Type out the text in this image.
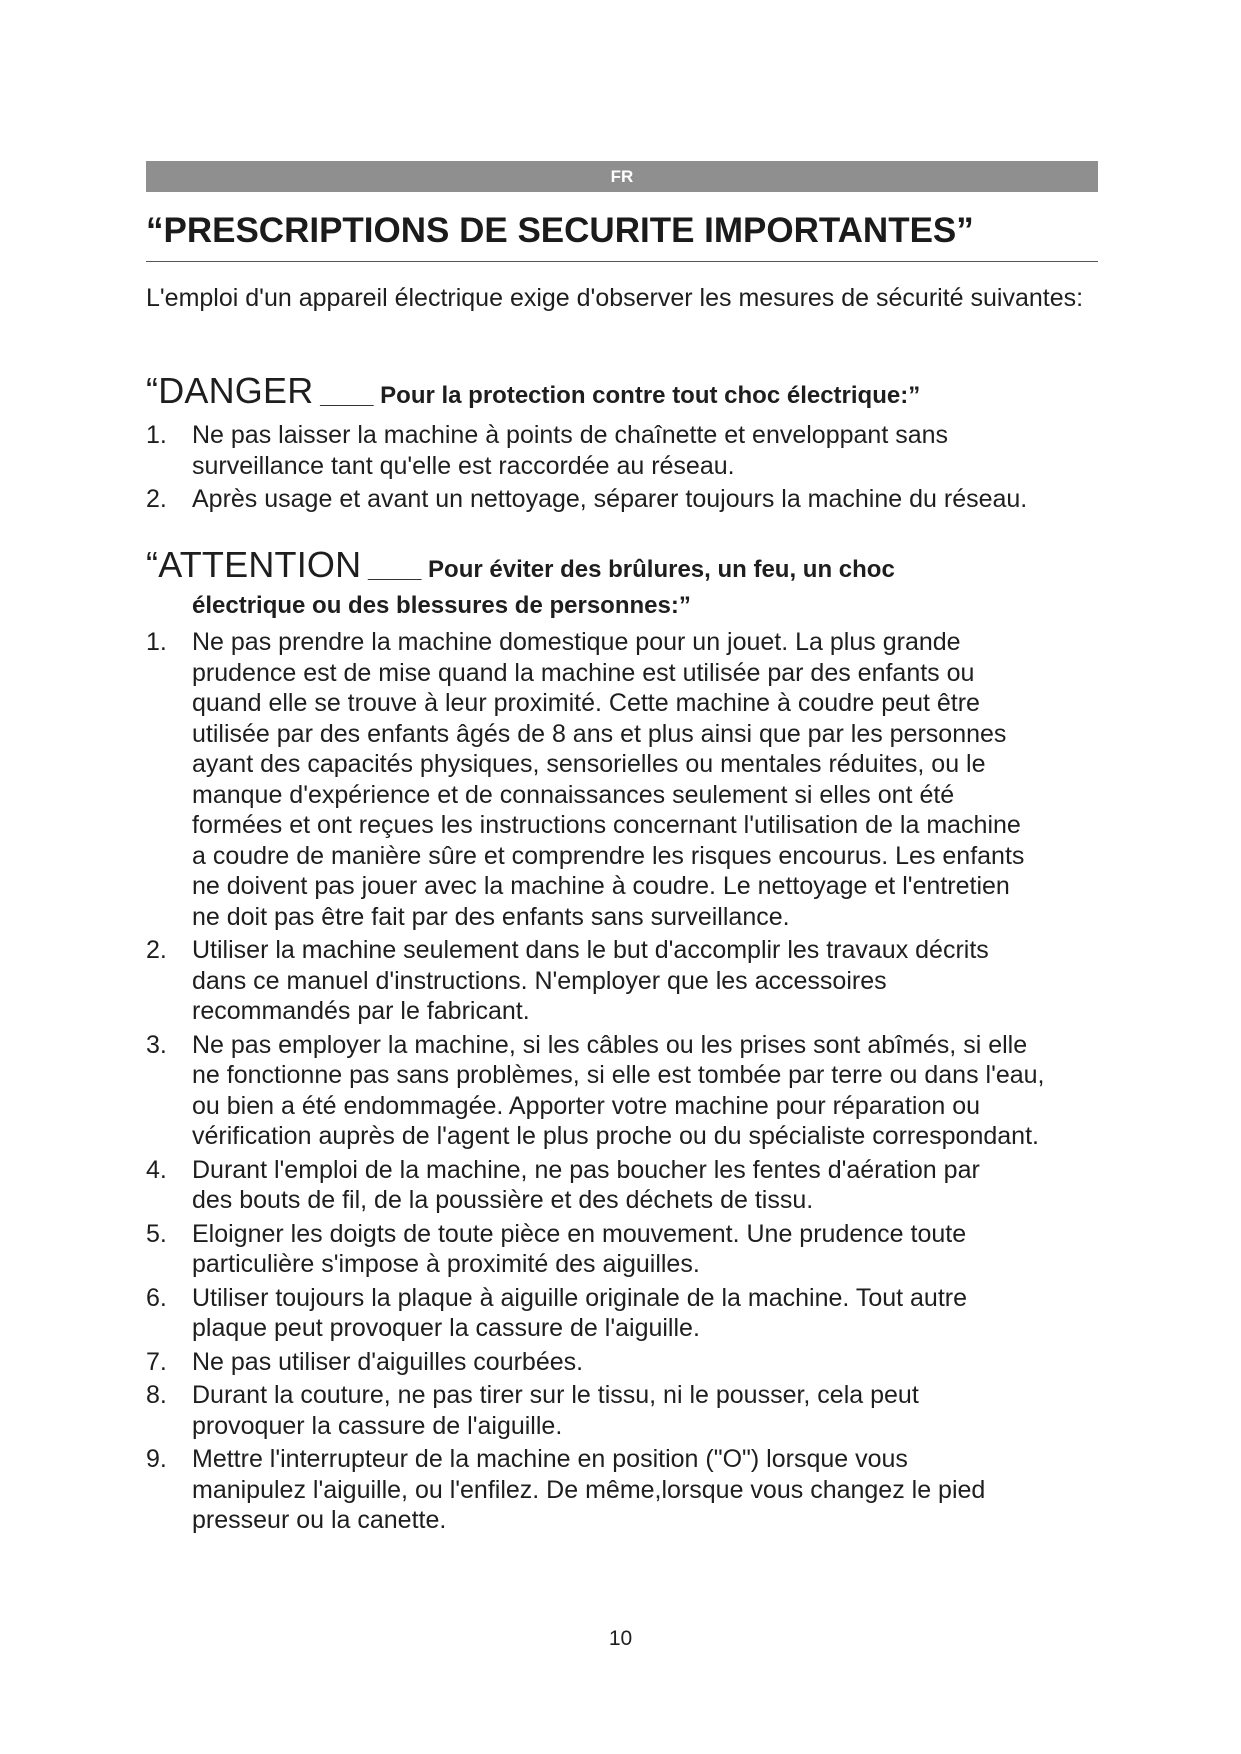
FR
“PRESCRIPTIONS DE SECURITE IMPORTANTES”

L'emploi d'un appareil électrique exige d'observer les mesures de sécurité suivantes:

“DANGER ____ Pour la protection contre tout choc électrique:”
1. Ne pas laisser la machine à points de chaînette et enveloppant sans
surveillance tant qu'elle est raccordée au réseau.
2. Après usage et avant un nettoyage, séparer toujours la machine du réseau.
“ATTENTION ____ Pour éviter des brûlures, un feu, un choc
électrique ou des blessures de personnes:”
1. Ne pas prendre la machine domestique pour un jouet. La plus grande
prudence est de mise quand la machine est utilisée par des enfants ou
quand elle se trouve à leur proximité. Cette machine à coudre peut être
utilisée par des enfants âgés de 8 ans et plus ainsi que par les personnes
ayant des capacités physiques, sensorielles ou mentales réduites, ou le
manque d'expérience et de connaissances seulement si elles ont été
formées et ont reçues les instructions concernant l'utilisation de la machine
a coudre de manière sûre et comprendre les risques encourus. Les enfants
ne doivent pas jouer avec la machine à coudre. Le nettoyage et l'entretien
ne doit pas être fait par des enfants sans surveillance.
2. Utiliser la machine seulement dans le but d'accomplir les travaux décrits
dans ce manuel d'instructions. N'employer que les accessoires
recommandés par le fabricant.
3. Ne pas employer la machine, si les câbles ou les prises sont abîmés, si elle
ne fonctionne pas sans problèmes, si elle est tombée par terre ou dans l'eau,
ou bien a été endommagée. Apporter votre machine pour réparation ou
vérification auprès de l'agent le plus proche ou du spécialiste correspondant.
4. Durant l'emploi de la machine, ne pas boucher les fentes d'aération par
des bouts de fil, de la poussière et des déchets de tissu.
5. Eloigner les doigts de toute pièce en mouvement. Une prudence toute
particulière s'impose à proximité des aiguilles.
6. Utiliser toujours la plaque à aiguille originale de la machine. Tout autre
plaque peut provoquer la cassure de l'aiguille.
7. Ne pas utiliser d'aiguilles courbées.
8. Durant la couture, ne pas tirer sur le tissu, ni le pousser, cela peut
provoquer la cassure de l'aiguille.
9. Mettre l'interrupteur de la machine en position ("O") lorsque vous
manipulez l'aiguille, ou l'enfilez. De même,lorsque vous changez le pied
presseur ou la canette.
10
